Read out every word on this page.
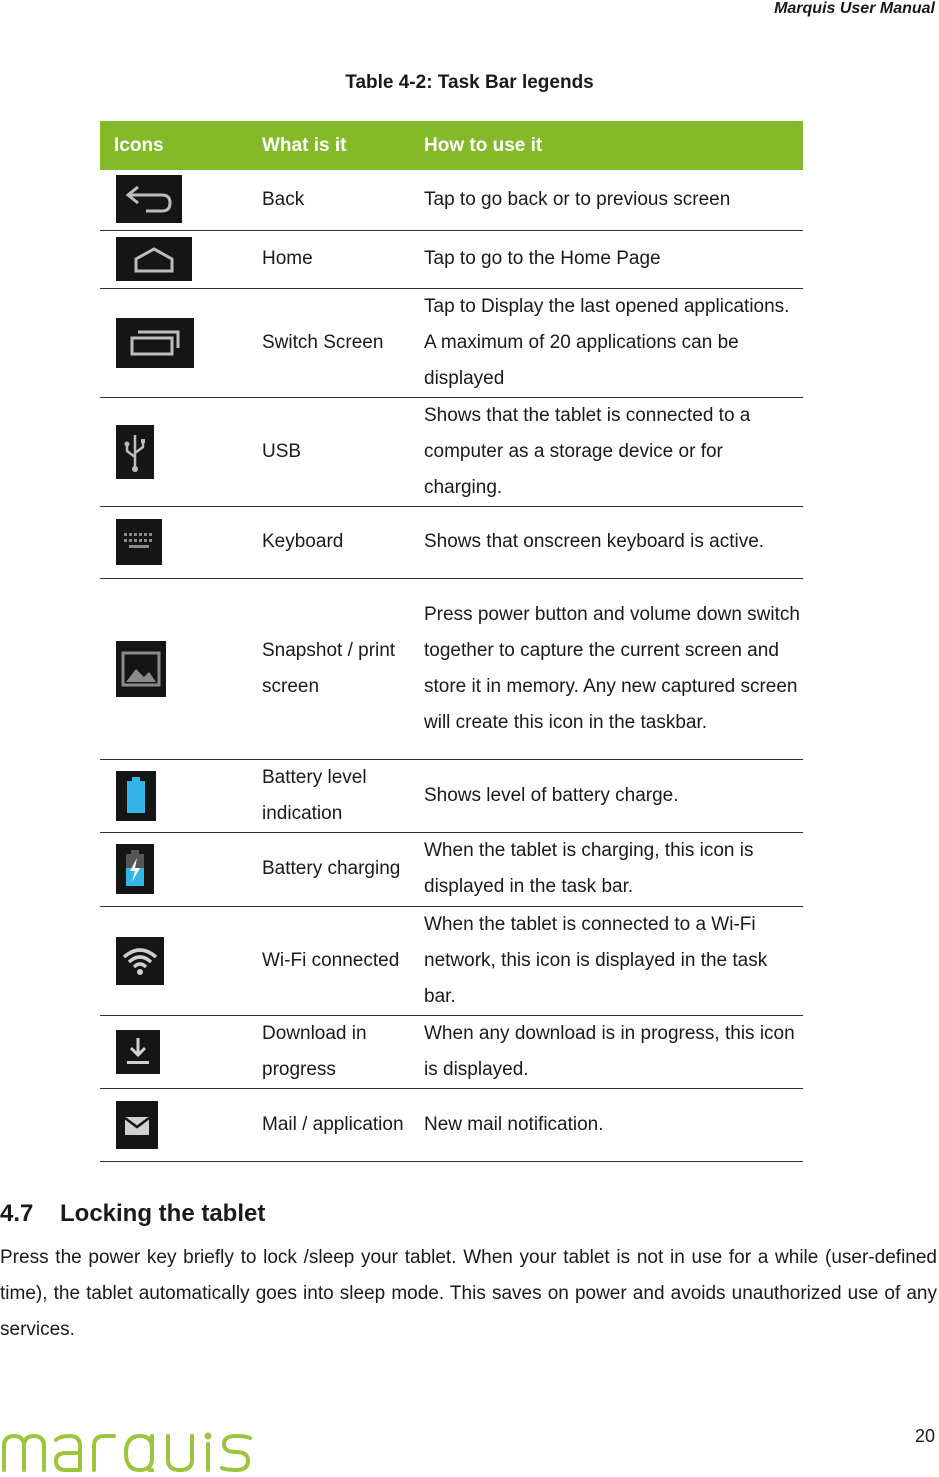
Marquis User Manual
Table 4-2: Task Bar legends
Icons	What is it	How to use it

	Back	Tap to go back or to previous screen

	Home	Tap to go to the Home Page

	Switch Screen	Tap to Display the last opened applications. A maximum of 20 applications can be displayed

	USB	Shows that the tablet is connected to a computer as a storage device or for charging.

	Keyboard	Shows that onscreen keyboard is active.

	Snapshot / print screen	Press power button and volume down switch together to capture the current screen and store it in memory. Any new captured screen will create this icon in the taskbar.

	Battery level indication	Shows level of battery charge.

	Battery charging	When the tablet is charging, this icon is displayed in the task bar.

	Wi-Fi connected	When the tablet is connected to a Wi-Fi network, this icon is displayed in the task bar.

	Download in progress	When any download is in progress, this icon is displayed.

	Mail / application	New mail notification.
4.7 Locking the tablet
Press the power key briefly to lock /sleep your tablet. When your tablet is not in use for a while (user-defined time), the tablet automatically goes into sleep mode. This saves on power and avoids unauthorized use of any services.
20
